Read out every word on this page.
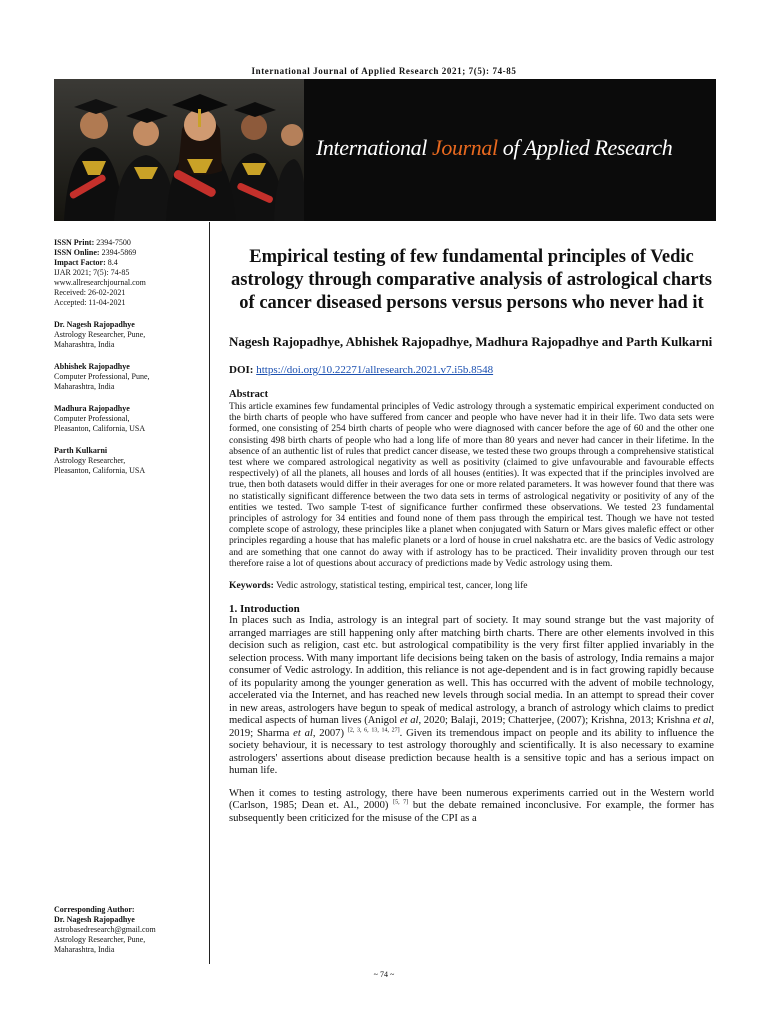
International Journal of Applied Research 2021; 7(5): 74-85
International Journal of Applied Research
ISSN Print: 2394-7500
ISSN Online: 2394-5869
Impact Factor: 8.4
IJAR 2021; 7(5): 74-85
www.allresearchjournal.com
Received: 26-02-2021
Accepted: 11-04-2021
Dr. Nagesh Rajopadhye
Astrology Researcher, Pune,
Maharashtra, India
Abhishek Rajopadhye
Computer Professional, Pune,
Maharashtra, India
Madhura Rajopadhye
Computer Professional,
Pleasanton, California, USA
Parth Kulkarni
Astrology Researcher,
Pleasanton, California, USA
Corresponding Author:
Dr. Nagesh Rajopadhye
astrobasedresearch@gmail.com
Astrology Researcher, Pune,
Maharashtra, India
Empirical testing of few fundamental principles of Vedic astrology through comparative analysis of astrological charts of cancer diseased persons versus persons who never had it
Nagesh Rajopadhye, Abhishek Rajopadhye, Madhura Rajopadhye and Parth Kulkarni
DOI: https://doi.org/10.22271/allresearch.2021.v7.i5b.8548
Abstract

This article examines few fundamental principles of Vedic astrology through a systematic empirical experiment conducted on the birth charts of people who have suffered from cancer and people who have never had it in their life. Two data sets were formed, one consisting of 254 birth charts of people who were diagnosed with cancer before the age of 60 and the other one consisting 498 birth charts of people who had a long life of more than 80 years and never had cancer in their lifetime. In the absence of an authentic list of rules that predict cancer disease, we tested these two groups through a comprehensive statistical test where we compared astrological negativity as well as positivity (claimed to give unfavourable and favourable effects respectively) of all the planets, all houses and lords of all houses (entities). It was expected that if the principles involved are true, then both datasets would differ in their averages for one or more related parameters. It was however found that there was no statistically significant difference between the two data sets in terms of astrological negativity or positivity of any of the entities we tested. Two sample T-test of significance further confirmed these observations. We tested 23 fundamental principles of astrology for 34 entities and found none of them pass through the empirical test. Though we have not tested complete scope of astrology, these principles like a planet when conjugated with Saturn or Mars gives malefic effect or other principles regarding a house that has malefic planets or a lord of house in cruel nakshatra etc. are the basics of Vedic astrology and are something that one cannot do away with if astrology has to be practiced. Their invalidity proven through our test therefore raise a lot of questions about accuracy of predictions made by Vedic astrology using them.

Keywords: Vedic astrology, statistical testing, empirical test, cancer, long life
1. Introduction

In places such as India, astrology is an integral part of society. It may sound strange but the vast majority of arranged marriages are still happening only after matching birth charts. There are other elements involved in this decision such as religion, cast etc. but astrological compatibility is the very first filter applied invariably in the selection process. With many important life decisions being taken on the basis of astrology, India remains a major consumer of Vedic astrology. In addition, this reliance is not age-dependent and is in fact growing rapidly because of its popularity among the younger generation as well. This has occurred with the advent of mobile technology, accelerated via the Internet, and has reached new levels through social media. In an attempt to spread their cover in new areas, astrologers have begun to speak of medical astrology, a branch of astrology which claims to predict medical aspects of human lives (Anigol et al, 2020; Balaji, 2019; Chatterjee, (2007); Krishna, 2013; Krishna et al, 2019; Sharma et al, 2007) [2, 3, 6, 13, 14, 27]. Given its tremendous impact on people and its ability to influence the society behaviour, it is necessary to test astrology thoroughly and scientifically. It is also necessary to examine astrologers' assertions about disease prediction because health is a sensitive topic and has a serious impact on human life.

When it comes to testing astrology, there have been numerous experiments carried out in the Western world (Carlson, 1985; Dean et. Al., 2000) [5, 7] but the debate remained inconclusive. For example, the former has subsequently been criticized for the misuse of the CPI as a

~ 74 ~
